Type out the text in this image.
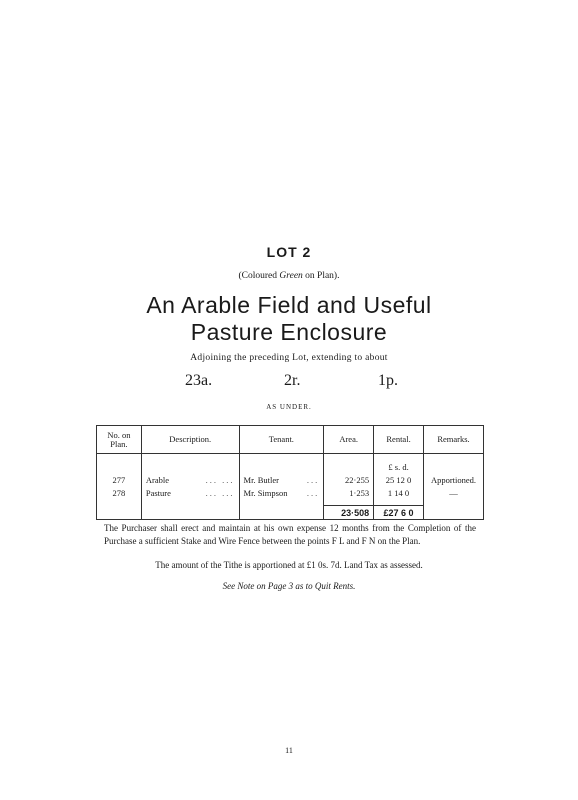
LOT 2
(Coloured Green on Plan).
An Arable Field and Useful
Pasture Enclosure
Adjoining the preceding Lot, extending to about
23a.	2r.	1p.
AS UNDER.
No. on Plan.	Description.	Tenant.	Area.	Rental.	Remarks.
				£ s. d.	
277	Arable ... ...	Mr. Butler ...	22·255	25 12 0	Apportioned.
278	Pasture ... ...	Mr. Simpson ...	1·253	1 14 0	—
			23·508	£27 6 0	
The Purchaser shall erect and maintain at his own expense 12 months from the Completion of the Purchase a sufficient Stake and Wire Fence between the points F L and F N on the Plan.
The amount of the Tithe is apportioned at £1 0s. 7d. Land Tax as assessed.
See Note on Page 3 as to Quit Rents.
11
